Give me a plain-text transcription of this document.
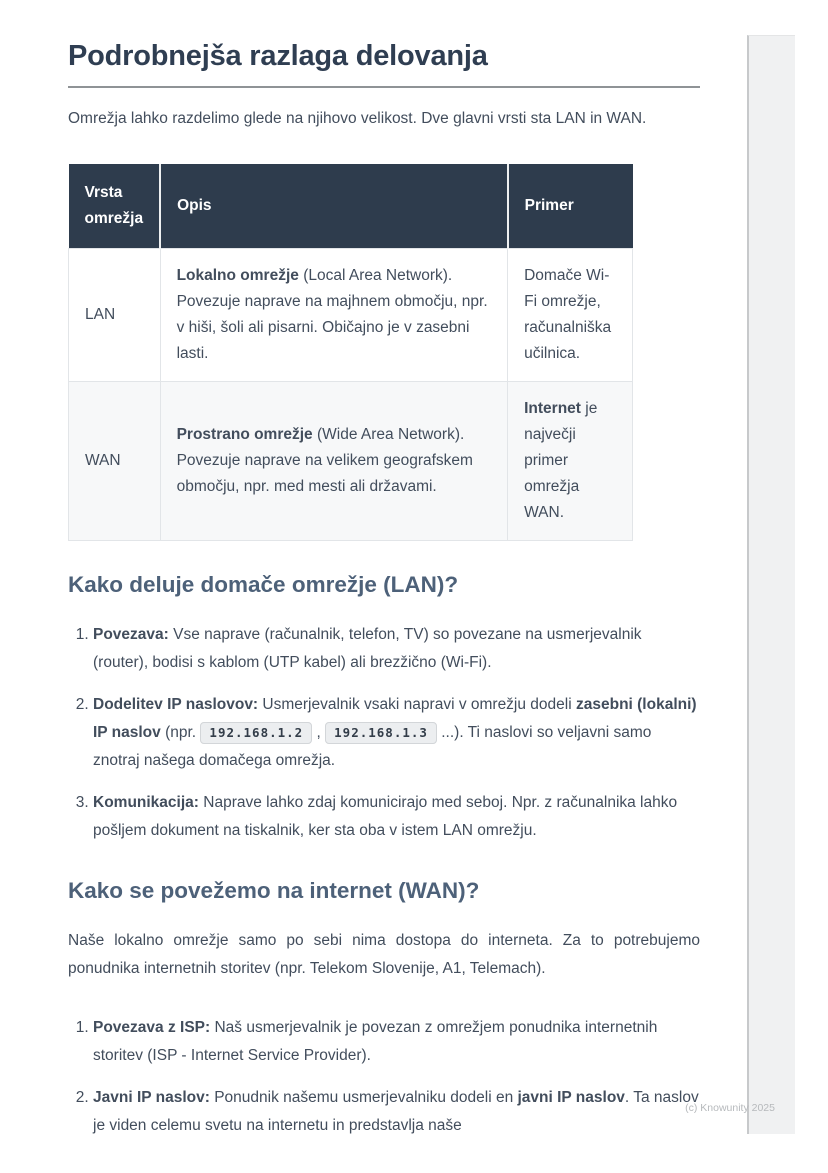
Podrobnejša razlaga delovanja

Omrežja lahko razdelimo glede na njihovo velikost. Dve glavni vrsti sta LAN in WAN.

Vrsta omrežja	Opis	Primer
LAN	Lokalno omrežje (Local Area Network). Povezuje naprave na majhnem območju, npr. v hiši, šoli ali pisarni. Običajno je v zasebni lasti.	Domače Wi-Fi omrežje, računalniška učilnica.
WAN	Prostrano omrežje (Wide Area Network). Povezuje naprave na velikem geografskem območju, npr. med mesti ali državami.	Internet je največji primer omrežja WAN.
Kako deluje domače omrežje (LAN)?
1. Povezava: Vse naprave (računalnik, telefon, TV) so povezane na usmerjevalnik (router), bodisi s kablom (UTP kabel) ali brezžično (Wi-Fi).
2. Dodelitev IP naslovov: Usmerjevalnik vsaki napravi v omrežju dodeli zasebni (lokalni) IP naslov (npr. 192.168.1.2 , 192.168.1.3 ...). Ti naslovi so veljavni samo znotraj našega domačega omrežja.
3. Komunikacija: Naprave lahko zdaj komunicirajo med seboj. Npr. z računalnika lahko pošljem dokument na tiskalnik, ker sta oba v istem LAN omrežju.
Kako se povežemo na internet (WAN)?

Naše lokalno omrežje samo po sebi nima dostopa do interneta. Za to potrebujemo ponudnika internetnih storitev (npr. Telekom Slovenije, A1, Telemach).

1. Povezava z ISP: Naš usmerjevalnik je povezan z omrežjem ponudnika internetnih storitev (ISP - Internet Service Provider).
2. Javni IP naslov: Ponudnik našemu usmerjevalniku dodeli en javni IP naslov. Ta naslov je viden celemu svetu na internetu in predstavlja naše
(c) Knowunity 2025
